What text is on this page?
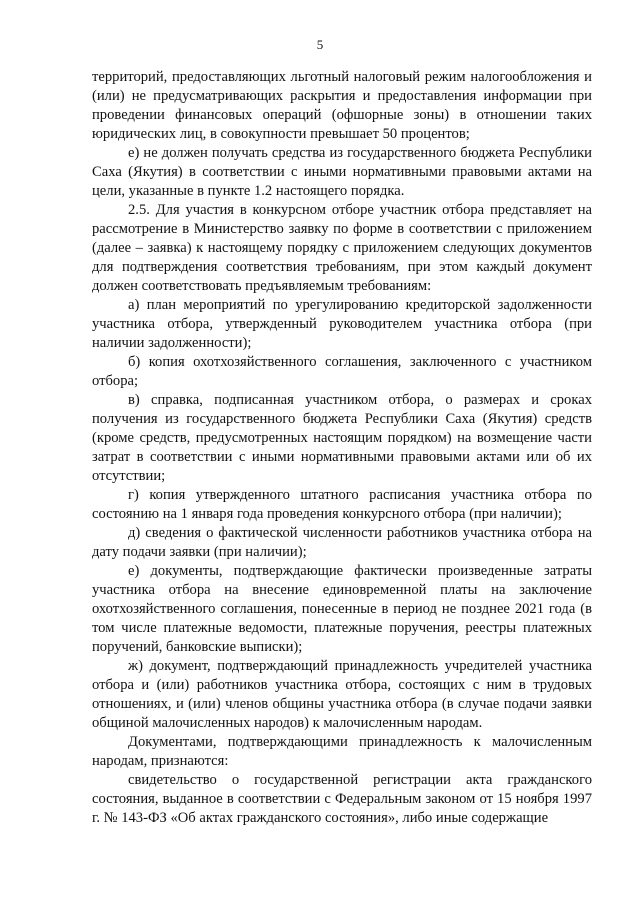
5

территорий, предоставляющих льготный налоговый режим налогообложения и (или) не предусматривающих раскрытия и предоставления информации при проведении финансовых операций (офшорные зоны) в отношении таких юридических лиц, в совокупности превышает 50 процентов;

е) не должен получать средства из государственного бюджета Республики Саха (Якутия) в соответствии с иными нормативными правовыми актами на цели, указанные в пункте 1.2 настоящего порядка.

2.5. Для участия в конкурсном отборе участник отбора представляет на рассмотрение в Министерство заявку по форме в соответствии с приложением (далее – заявка) к настоящему порядку с приложением следующих документов для подтверждения соответствия требованиям, при этом каждый документ должен соответствовать предъявляемым требованиям:

а) план мероприятий по урегулированию кредиторской задолженности участника отбора, утвержденный руководителем участника отбора (при наличии задолженности);

б) копия охотхозяйственного соглашения, заключенного с участником отбора;

в) справка, подписанная участником отбора, о размерах и сроках получения из государственного бюджета Республики Саха (Якутия) средств (кроме средств, предусмотренных настоящим порядком) на возмещение части затрат в соответствии с иными нормативными правовыми актами или об их отсутствии;

г) копия утвержденного штатного расписания участника отбора по состоянию на 1 января года проведения конкурсного отбора (при наличии);

д) сведения о фактической численности работников участника отбора на дату подачи заявки (при наличии);

е) документы, подтверждающие фактически произведенные затраты участника отбора на внесение единовременной платы на заключение охотхозяйственного соглашения, понесенные в период не позднее 2021 года (в том числе платежные ведомости, платежные поручения, реестры платежных поручений, банковские выписки);

ж) документ, подтверждающий принадлежность учредителей участника отбора и (или) работников участника отбора, состоящих с ним в трудовых отношениях, и (или) членов общины участника отбора (в случае подачи заявки общиной малочисленных народов) к малочисленным народам.

Документами, подтверждающими принадлежность к малочисленным народам, признаются:

свидетельство о государственной регистрации акта гражданского состояния, выданное в соответствии с Федеральным законом от 15 ноября 1997 г. № 143-ФЗ «Об актах гражданского состояния», либо иные содержащие
